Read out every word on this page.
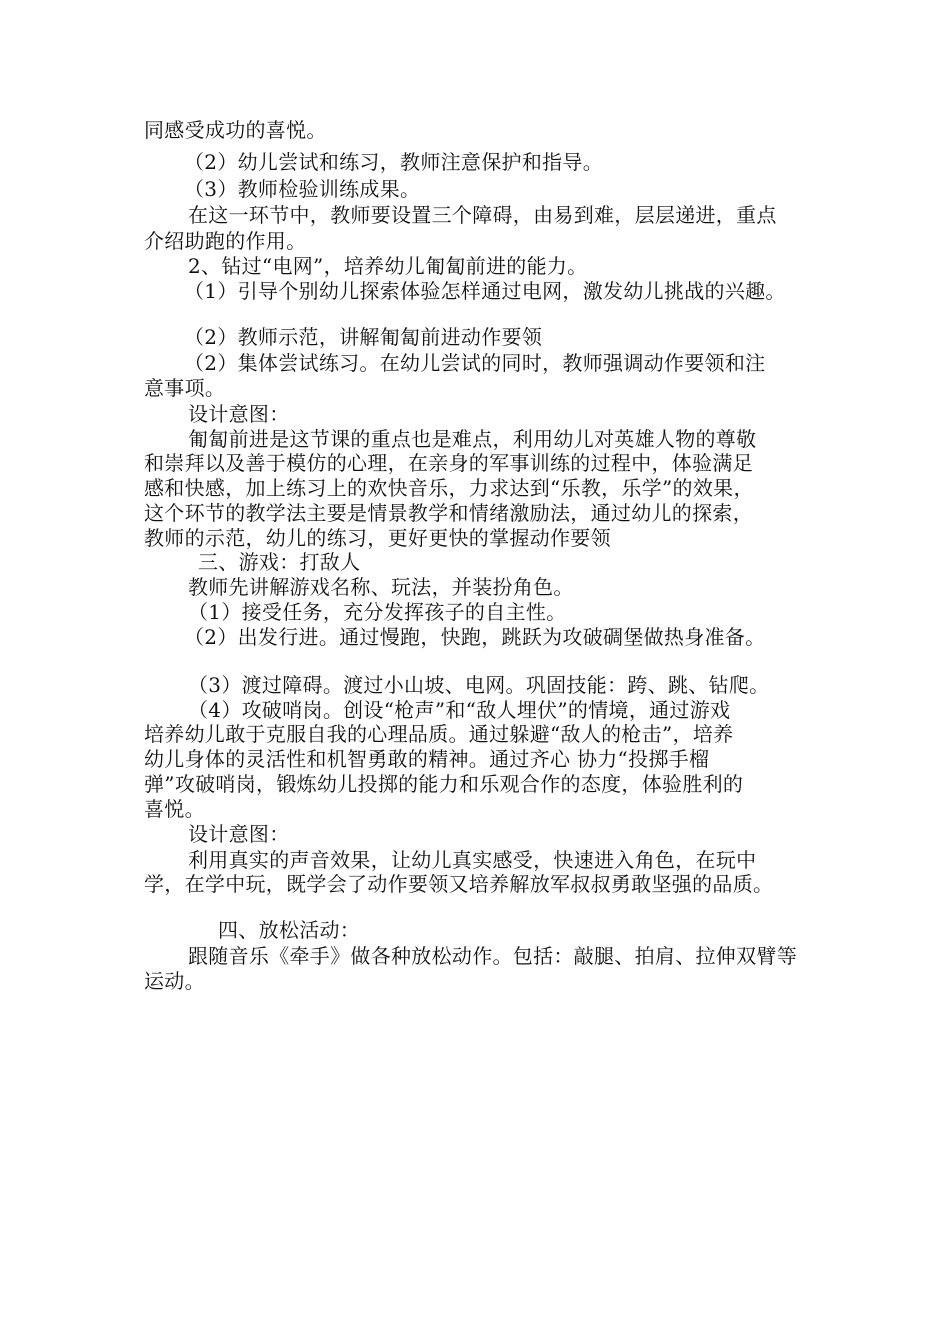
同感受成功的喜悦。
（2）幼儿尝试和练习，教师注意保护和指导。
（3）教师检验训练成果。
在这一环节中，教师要设置三个障碍，由易到难，层层递进，重点
介绍助跑的作用。
2、钻过“电网”，培养幼儿匍匐前进的能力。
（1）引导个别幼儿探索体验怎样通过电网，激发幼儿挑战的兴趣。
（2）教师示范，讲解匍匐前进动作要领
（2）集体尝试练习。在幼儿尝试的同时，教师强调动作要领和注
意事项。
设计意图：
匍匐前进是这节课的重点也是难点，利用幼儿对英雄人物的尊敬
和崇拜以及善于模仿的心理，在亲身的军事训练的过程中，体验满足
感和快感，加上练习上的欢快音乐，力求达到“乐教，乐学”的效果，
这个环节的教学法主要是情景教学和情绪激励法，通过幼儿的探索，
教师的示范，幼儿的练习，更好更快的掌握动作要领
三、游戏：打敌人
教师先讲解游戏名称、玩法，并装扮角色。
（1）接受任务，充分发挥孩子的自主性。
（2）出发行进。通过慢跑，快跑，跳跃为攻破碉堡做热身准备。
（3）渡过障碍。渡过小山坡、电网。巩固技能：跨、跳、钻爬。
（4）攻破哨岗。创设“枪声”和“敌人埋伏”的情境，通过游戏
培养幼儿敢于克服自我的心理品质。通过躲避“敌人的枪击”，培养
幼儿身体的灵活性和机智勇敢的精神。通过齐心 协力“投掷手榴
弹”攻破哨岗，锻炼幼儿投掷的能力和乐观合作的态度，体验胜利的
喜悦。
设计意图：
利用真实的声音效果，让幼儿真实感受，快速进入角色，在玩中
学，在学中玩，既学会了动作要领又培养解放军叔叔勇敢坚强的品质。
四、放松活动：
跟随音乐《牵手》做各种放松动作。包括：敲腿、拍肩、拉伸双臂等
运动。
